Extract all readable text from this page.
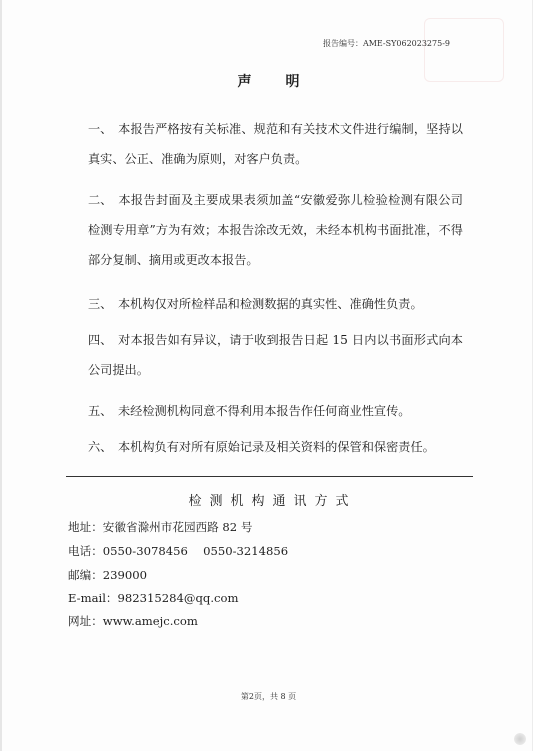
报告编号：AME-SY062023275-9
声明
一、 本报告严格按有关标准、规范和有关技术文件进行编制，坚持以真实、公正、准确为原则，对客户负责。
二、 本报告封面及主要成果表须加盖“安徽爱弥儿检验检测有限公司检测专用章”方为有效；本报告涂改无效，未经本机构书面批准，不得部分复制、摘用或更改本报告。
三、 本机构仅对所检样品和检测数据的真实性、准确性负责。
四、 对本报告如有异议，请于收到报告日起 15 日内以书面形式向本公司提出。
五、 未经检测机构同意不得利用本报告作任何商业性宣传。
六、 本机构负有对所有原始记录及相关资料的保管和保密责任。
检测机构通讯方式
地址：安徽省滁州市花园西路 82 号
电话：0550-3078456　 0550-3214856
邮编：239000
E-mail：982315284@qq.com
网址：www.amejc.com
第2页，共 8 页
